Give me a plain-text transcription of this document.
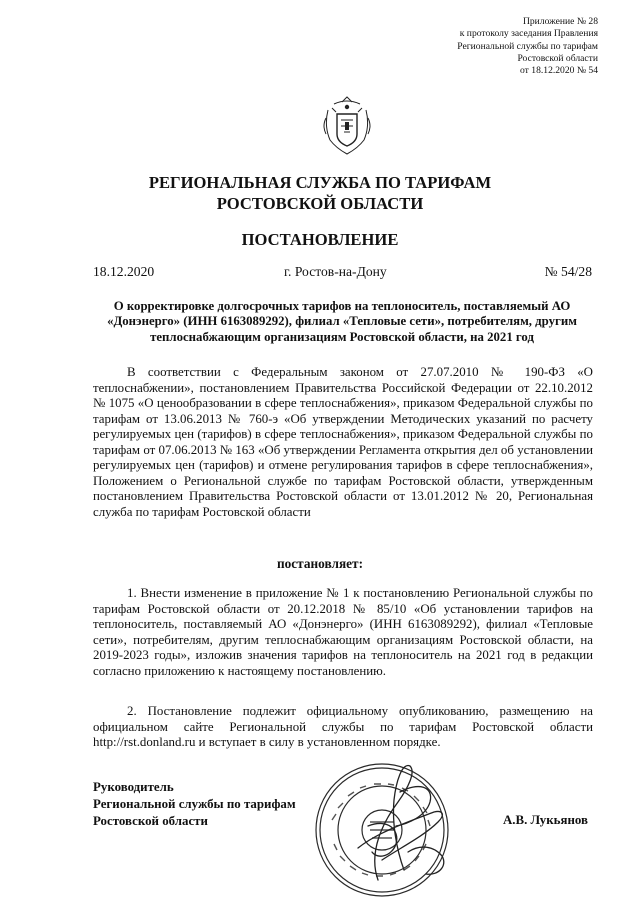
Приложение № 28
к протоколу заседания Правления
Региональной службы по тарифам
Ростовской области
от 18.12.2020 № 54
РЕГИОНАЛЬНАЯ СЛУЖБА ПО ТАРИФАМ
РОСТОВСКОЙ ОБЛАСТИ
ПОСТАНОВЛЕНИЕ
18.12.2020	г. Ростов-на-Дону	№ 54/28
О корректировке долгосрочных тарифов на теплоноситель, поставляемый АО «Донэнерго» (ИНН 6163089292), филиал «Тепловые сети», потребителям, другим теплоснабжающим организациям Ростовской области, на 2021 год
В соответствии с Федеральным законом от 27.07.2010 № 190-ФЗ «О теплоснабжении», постановлением Правительства Российской Федерации от 22.10.2012 № 1075 «О ценообразовании в сфере теплоснабжения», приказом Федеральной службы по тарифам от 13.06.2013 № 760-э «Об утверждении Методических указаний по расчету регулируемых цен (тарифов) в сфере теплоснабжения», приказом Федеральной службы по тарифам от 07.06.2013 № 163 «Об утверждении Регламента открытия дел об установлении регулируемых цен (тарифов) и отмене регулирования тарифов в сфере теплоснабжения», Положением о Региональной службе по тарифам Ростовской области, утвержденным постановлением Правительства Ростовской области от 13.01.2012 № 20, Региональная служба по тарифам Ростовской области
постановляет:
1. Внести изменение в приложение № 1 к постановлению Региональной службы по тарифам Ростовской области от 20.12.2018 № 85/10 «Об установлении тарифов на теплоноситель, поставляемый АО «Донэнерго» (ИНН 6163089292), филиал «Тепловые сети», потребителям, другим теплоснабжающим организациям Ростовской области, на 2019-2023 годы», изложив значения тарифов на теплоноситель на 2021 год в редакции согласно приложению к настоящему постановлению.
2. Постановление подлежит официальному опубликованию, размещению на официальном сайте Региональной службы по тарифам Ростовской области http://rst.donland.ru и вступает в силу в установленном порядке.
Руководитель
Региональной службы по тарифам
Ростовской области	А.В. Лукьянов
